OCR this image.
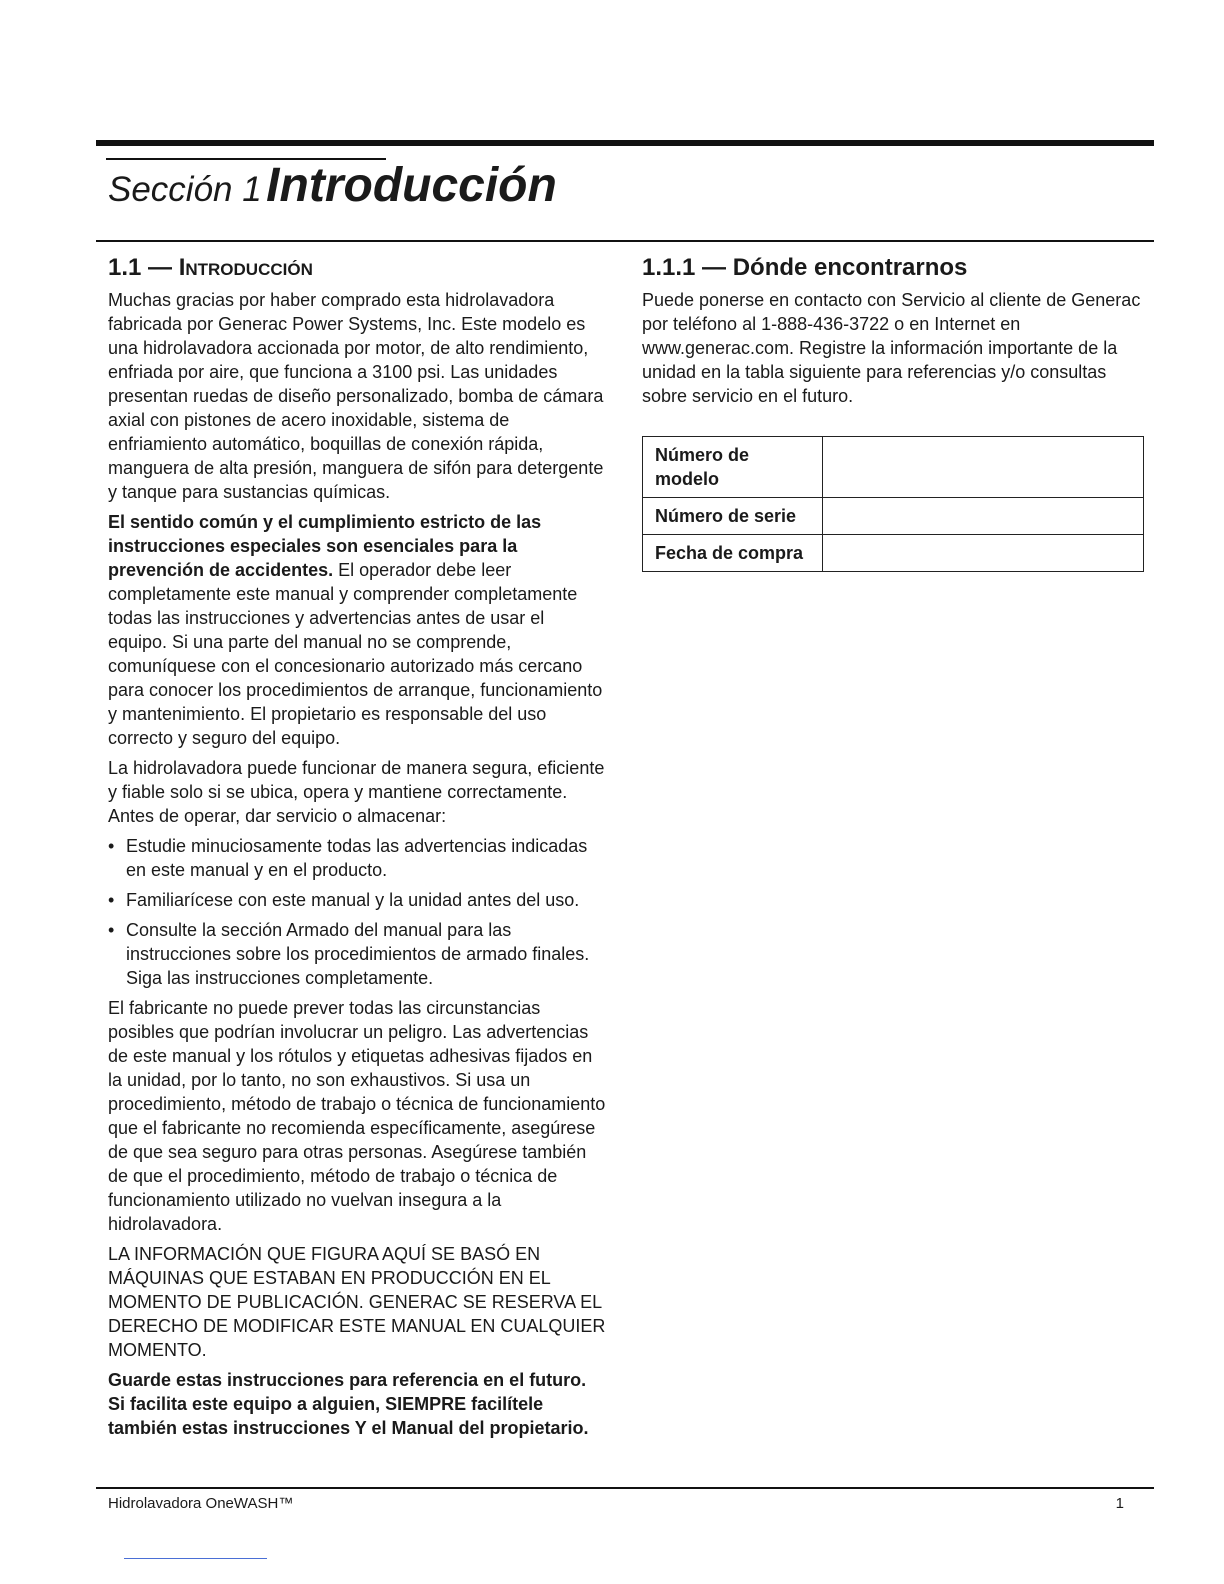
Sección 1 Introducción
1.1 — Introducción

Muchas gracias por haber comprado esta hidrolavadora fabricada por Generac Power Systems, Inc. Este modelo es una hidrolavadora accionada por motor, de alto rendimiento, enfriada por aire, que funciona a 3100 psi. Las unidades presentan ruedas de diseño personalizado, bomba de cámara axial con pistones de acero inoxidable, sistema de enfriamiento automático, boquillas de conexión rápida, manguera de alta presión, manguera de sifón para detergente y tanque para sustancias químicas.

El sentido común y el cumplimiento estricto de las instrucciones especiales son esenciales para la prevención de accidentes. El operador debe leer completamente este manual y comprender completamente todas las instrucciones y advertencias antes de usar el equipo. Si una parte del manual no se comprende, comuníquese con el concesionario autorizado más cercano para conocer los procedimientos de arranque, funcionamiento y mantenimiento. El propietario es responsable del uso correcto y seguro del equipo.

La hidrolavadora puede funcionar de manera segura, eficiente y fiable solo si se ubica, opera y mantiene correctamente. Antes de operar, dar servicio o almacenar:

• Estudie minuciosamente todas las advertencias indicadas en este manual y en el producto.
• Familiarícese con este manual y la unidad antes del uso.
• Consulte la sección Armado del manual para las instrucciones sobre los procedimientos de armado finales. Siga las instrucciones completamente.

El fabricante no puede prever todas las circunstancias posibles que podrían involucrar un peligro. Las advertencias de este manual y los rótulos y etiquetas adhesivas fijados en la unidad, por lo tanto, no son exhaustivos. Si usa un procedimiento, método de trabajo o técnica de funcionamiento que el fabricante no recomienda específicamente, asegúrese de que sea seguro para otras personas. Asegúrese también de que el procedimiento, método de trabajo o técnica de funcionamiento utilizado no vuelvan insegura a la hidrolavadora.

LA INFORMACIÓN QUE FIGURA AQUÍ SE BASÓ EN MÁQUINAS QUE ESTABAN EN PRODUCCIÓN EN EL MOMENTO DE PUBLICACIÓN. GENERAC SE RESERVA EL DERECHO DE MODIFICAR ESTE MANUAL EN CUALQUIER MOMENTO.

Guarde estas instrucciones para referencia en el futuro. Si facilita este equipo a alguien, SIEMPRE facilítele también estas instrucciones Y el Manual del propietario.

1.1.1 — Dónde encontrarnos

Puede ponerse en contacto con Servicio al cliente de Generac por teléfono al 1-888-436-3722 o en Internet en www.generac.com. Registre la información importante de la unidad en la tabla siguiente para referencias y/o consultas sobre servicio en el futuro.

Número de modelo	
Número de serie	
Fecha de compra	
Hidrolavadora OneWASH™	1
